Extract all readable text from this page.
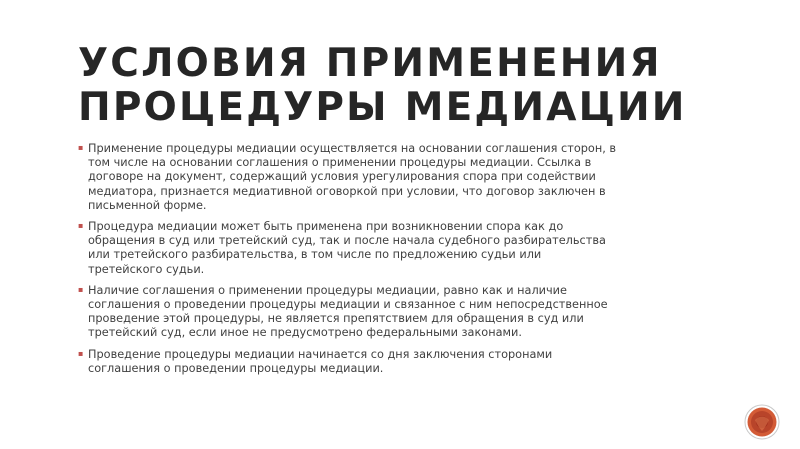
УСЛОВИЯ ПРИМЕНЕНИЯ
ПРОЦЕДУРЫ МЕДИАЦИИ
▪ Применение процедуры медиации осуществляется на основании соглашения сторон, в
том числе на основании соглашения о применении процедуры медиации. Ссылка в
договоре на документ, содержащий условия урегулирования спора при содействии
медиатора, признается медиативной оговоркой при условии, что договор заключен в
письменной форме.
▪ Процедура медиации может быть применена при возникновении спора как до
обращения в суд или третейский суд, так и после начала судебного разбирательства
или третейского разбирательства, в том числе по предложению судьи или
третейского судьи.
▪ Наличие соглашения о применении процедуры медиации, равно как и наличие
соглашения о проведении процедуры медиации и связанное с ним непосредственное
проведение этой процедуры, не является препятствием для обращения в суд или
третейский суд, если иное не предусмотрено федеральными законами.
▪ Проведение процедуры медиации начинается со дня заключения сторонами
соглашения о проведении процедуры медиации.
